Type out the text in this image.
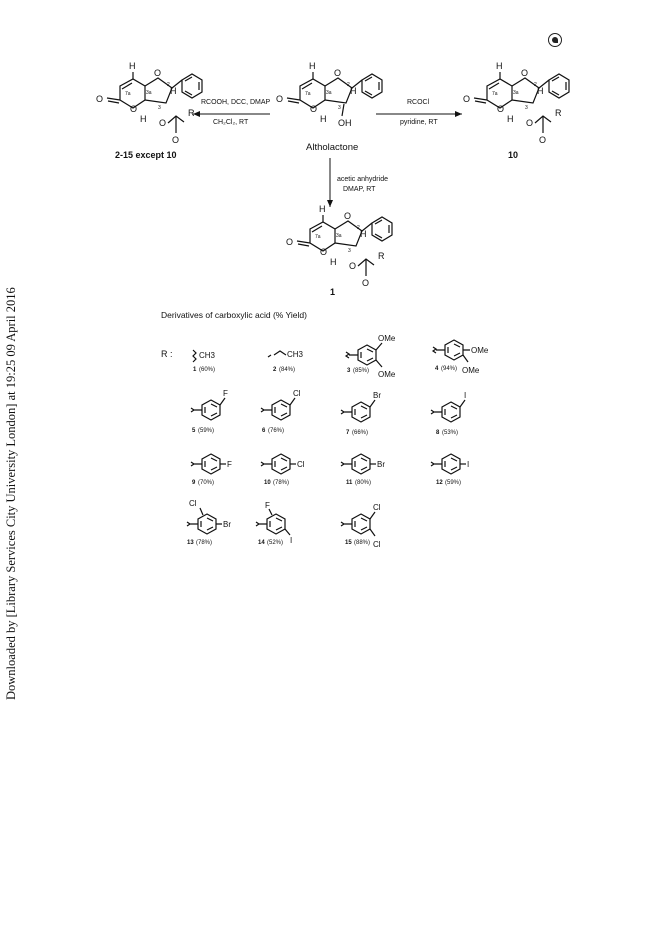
Downloaded by [Library Services City University London] at 19:25 09 April 2016
H
O
O
O
H
H OH
7a	3a
2
3
Altholactone
H
O
O
O
H
H O
R
O
7a	3a
2
3
2-15 except 10
H
O
O
O
H
H O
R
O
7a	3a
2
3
10
H
O
O
O
H
H O
R
O
7a	3a
2
3
1
RCOOH, DCC, DMAP
CH₂Cl₂, RT
RCOCl
pyridine, RT
acetic anhydride
DMAP, RT
Derivatives of carboxylic acid (% Yield)
R :	CH3
1 (60%)
CH3
2 (84%)
OMe
OMe
3 (85%)
OMe
OMe
4 (94%)
F
5 (59%)
Cl
6 (76%)
Br
7 (66%)
I
8 (53%)
F
9 (70%)
Cl
10 (78%)
Br
11 (80%)
I
12 (59%)
Cl
Br
13 (78%)
F
I
14 (52%)
Cl
Cl
15 (88%)
